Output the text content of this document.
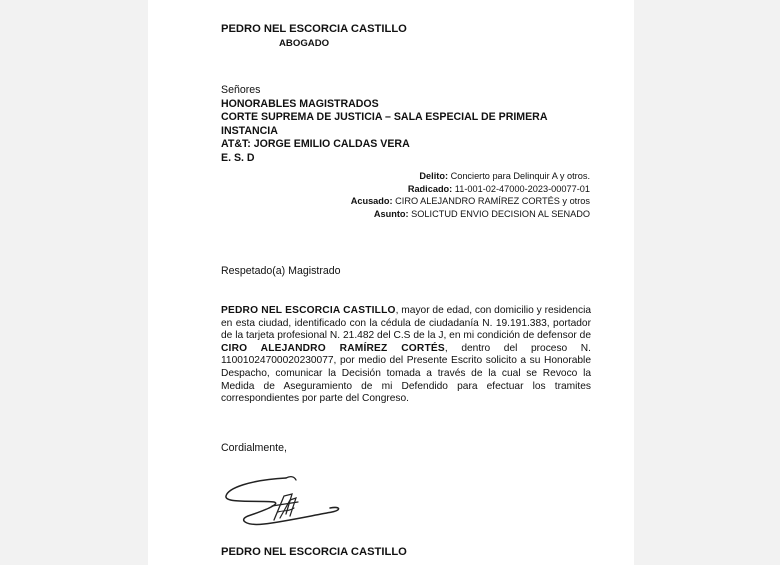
PEDRO NEL ESCORCIA CASTILLO
ABOGADO
Señores
HONORABLES MAGISTRADOS
CORTE SUPREMA DE JUSTICIA – SALA ESPECIAL DE PRIMERA
INSTANCIA
AT&T: JORGE EMILIO CALDAS VERA
E. S. D
Delito: Concierto para Delinquir A y otros.
Radicado: 11-001-02-47000-2023-00077-01
Acusado: CIRO ALEJANDRO RAMÍREZ CORTÉS y otros
Asunto: SOLICTUD ENVIO DECISION AL SENADO
Respetado(a) Magistrado
PEDRO NEL ESCORCIA CASTILLO, mayor de edad, con domicilio y residencia en esta ciudad, identificado con la cédula de ciudadanía N. 19.191.383, portador de la tarjeta profesional N. 21.482 del C.S de la J, en mi condición de defensor de CIRO ALEJANDRO RAMÍREZ CORTÉS, dentro del proceso N. 11001024700020230077, por medio del Presente Escrito solicito a su Honorable Despacho, comunicar la Decisión tomada a través de la cual se Revoco la Medida de Aseguramiento de mi Defendido para efectuar los tramites correspondientes por parte del Congreso.
Cordialmente,
PEDRO NEL ESCORCIA CASTILLO
